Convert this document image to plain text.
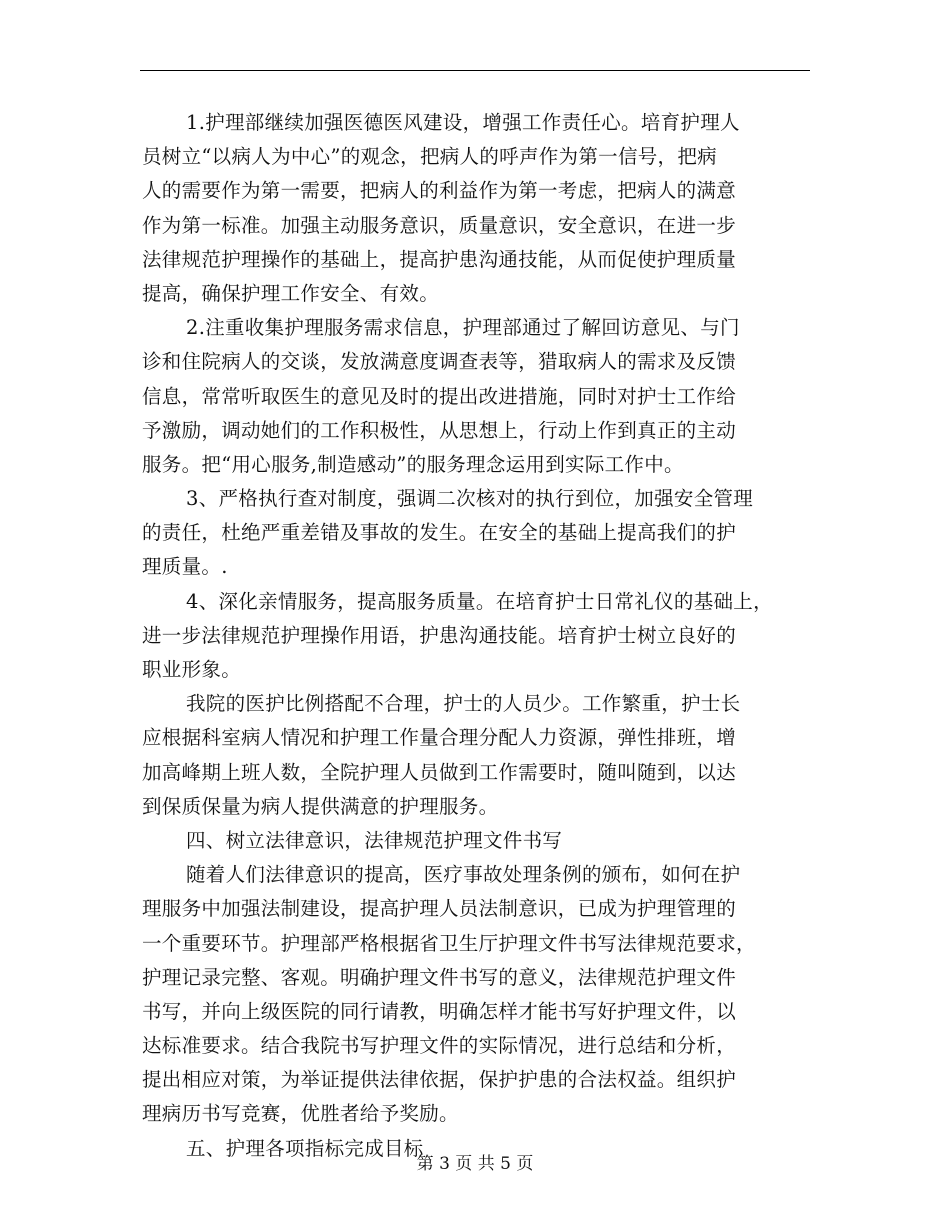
1.护理部继续加强医德医风建设，增强工作责任心。培育护理人
员树立“以病人为中心”的观念，把病人的呼声作为第一信号，把病
人的需要作为第一需要，把病人的利益作为第一考虑，把病人的满意
作为第一标准。加强主动服务意识，质量意识，安全意识，在进一步
法律规范护理操作的基础上，提高护患沟通技能，从而促使护理质量
提高，确保护理工作安全、有效。
2.注重收集护理服务需求信息，护理部通过了解回访意见、与门
诊和住院病人的交谈，发放满意度调查表等，猎取病人的需求及反馈
信息，常常听取医生的意见及时的提出改进措施，同时对护士工作给
予激励，调动她们的工作积极性，从思想上，行动上作到真正的主动
服务。把“用心服务,制造感动”的服务理念运用到实际工作中。
3、严格执行查对制度，强调二次核对的执行到位，加强安全管理
的责任，杜绝严重差错及事故的发生。在安全的基础上提高我们的护
理质量。.
4、深化亲情服务，提高服务质量。在培育护士日常礼仪的基础上，
进一步法律规范护理操作用语，护患沟通技能。培育护士树立良好的
职业形象。
我院的医护比例搭配不合理，护士的人员少。工作繁重，护士长
应根据科室病人情况和护理工作量合理分配人力资源，弹性排班，增
加高峰期上班人数，全院护理人员做到工作需要时，随叫随到，以达
到保质保量为病人提供满意的护理服务。
四、树立法律意识，法律规范护理文件书写
随着人们法律意识的提高，医疗事故处理条例的颁布，如何在护
理服务中加强法制建设，提高护理人员法制意识，已成为护理管理的
一个重要环节。护理部严格根据省卫生厅护理文件书写法律规范要求，
护理记录完整、客观。明确护理文件书写的意义，法律规范护理文件
书写，并向上级医院的同行请教，明确怎样才能书写好护理文件，以
达标准要求。结合我院书写护理文件的实际情况，进行总结和分析，
提出相应对策，为举证提供法律依据，保护护患的合法权益。组织护
理病历书写竞赛，优胜者给予奖励。
五、护理各项指标完成目标
第 3 页 共 5 页
